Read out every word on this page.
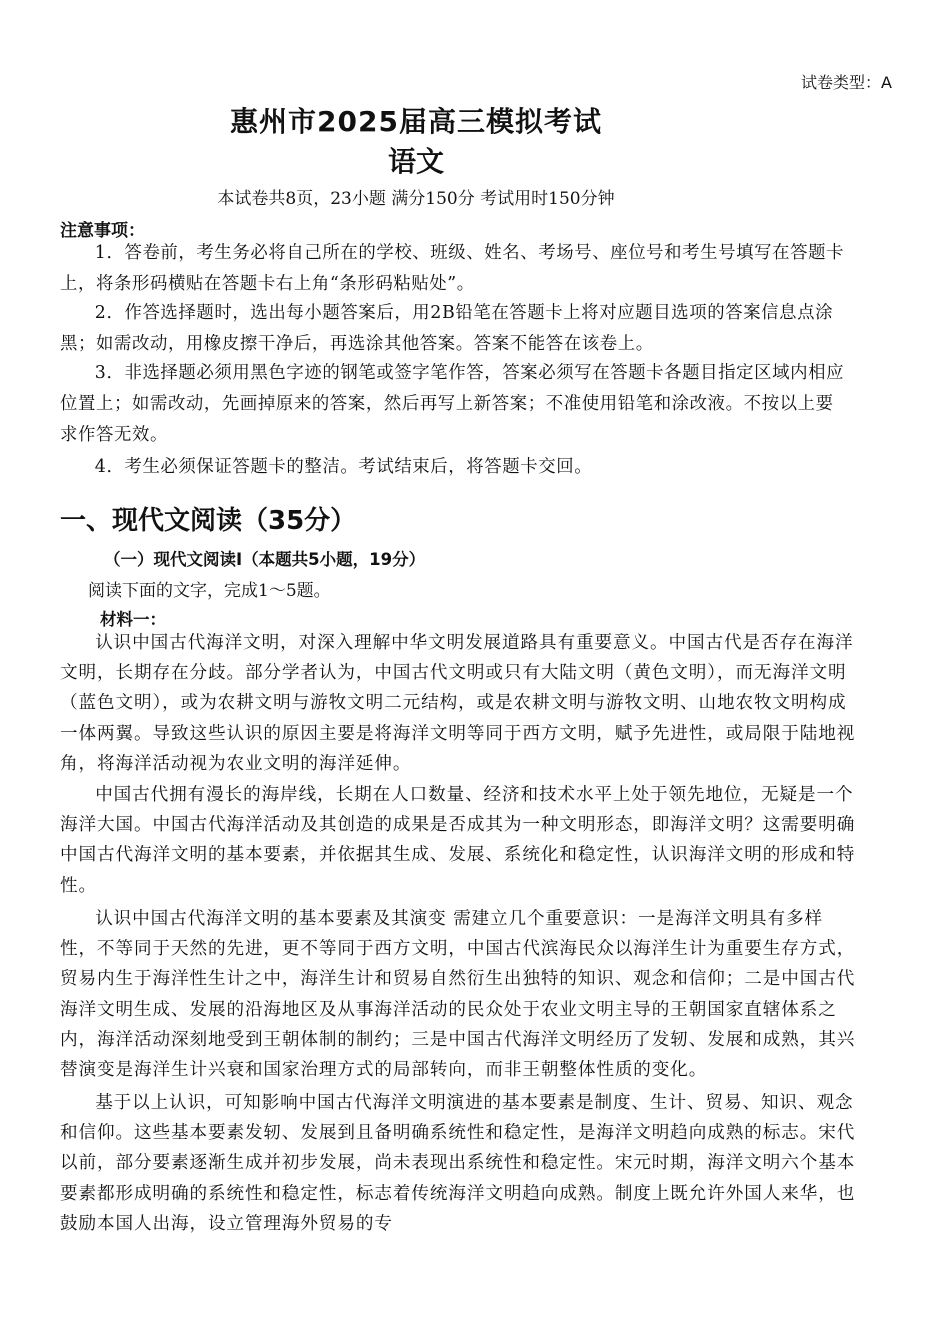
试卷类型：A
惠州市2025届高三模拟考试
语文
本试卷共8页，23小题 满分150分 考试用时150分钟
注意事项：

1．答卷前，考生务必将自己所在的学校、班级、姓名、考场号、座位号和考生号填写在答题卡上，将条形码横贴在答题卡右上角“条形码粘贴处”。

2．作答选择题时，选出每小题答案后，用2B铅笔在答题卡上将对应题目选项的答案信息点涂黑；如需改动，用橡皮擦干净后，再选涂其他答案。答案不能答在该卷上。

3．非选择题必须用黑色字迹的钢笔或签字笔作答，答案必须写在答题卡各题目指定区域内相应位置上；如需改动，先画掉原来的答案，然后再写上新答案；不准使用铅笔和涂改液。不按以上要求作答无效。

4．考生必须保证答题卡的整洁。考试结束后，将答题卡交回。

一、现代文阅读（35分）
（一）现代文阅读Ⅰ（本题共5小题，19分）
阅读下面的文字，完成1～5题。
材料一：

认识中国古代海洋文明，对深入理解中华文明发展道路具有重要意义。中国古代是否存在海洋文明，长期存在分歧。部分学者认为，中国古代文明或只有大陆文明（黄色文明），而无海洋文明（蓝色文明），或为农耕文明与游牧文明二元结构，或是农耕文明与游牧文明、山地农牧文明构成一体两翼。导致这些认识的原因主要是将海洋文明等同于西方文明，赋予先进性，或局限于陆地视角，将海洋活动视为农业文明的海洋延伸。

中国古代拥有漫长的海岸线，长期在人口数量、经济和技术水平上处于领先地位，无疑是一个海洋大国。中国古代海洋活动及其创造的成果是否成其为一种文明形态，即海洋文明？这需要明确中国古代海洋文明的基本要素，并依据其生成、发展、系统化和稳定性，认识海洋文明的形成和特性。

认识中国古代海洋文明的基本要素及其演变 需建立几个重要意识：一是海洋文明具有多样性，不等同于天然的先进，更不等同于西方文明，中国古代滨海民众以海洋生计为重要生存方式，贸易内生于海洋性生计之中，海洋生计和贸易自然衍生出独特的知识、观念和信仰；二是中国古代海洋文明生成、发展的沿海地区及从事海洋活动的民众处于农业文明主导的王朝国家直辖体系之内，海洋活动深刻地受到王朝体制的制约；三是中国古代海洋文明经历了发轫、发展和成熟，其兴替演变是海洋生计兴衰和国家治理方式的局部转向，而非王朝整体性质的变化。

基于以上认识，可知影响中国古代海洋文明演进的基本要素是制度、生计、贸易、知识、观念和信仰。这些基本要素发轫、发展到且备明确系统性和稳定性，是海洋文明趋向成熟的标志。宋代以前，部分要素逐渐生成并初步发展，尚未表现出系统性和稳定性。宋元时期，海洋文明六个基本要素都形成明确的系统性和稳定性，标志着传统海洋文明趋向成熟。制度上既允许外国人来华，也鼓励本国人出海，设立管理海外贸易的专
